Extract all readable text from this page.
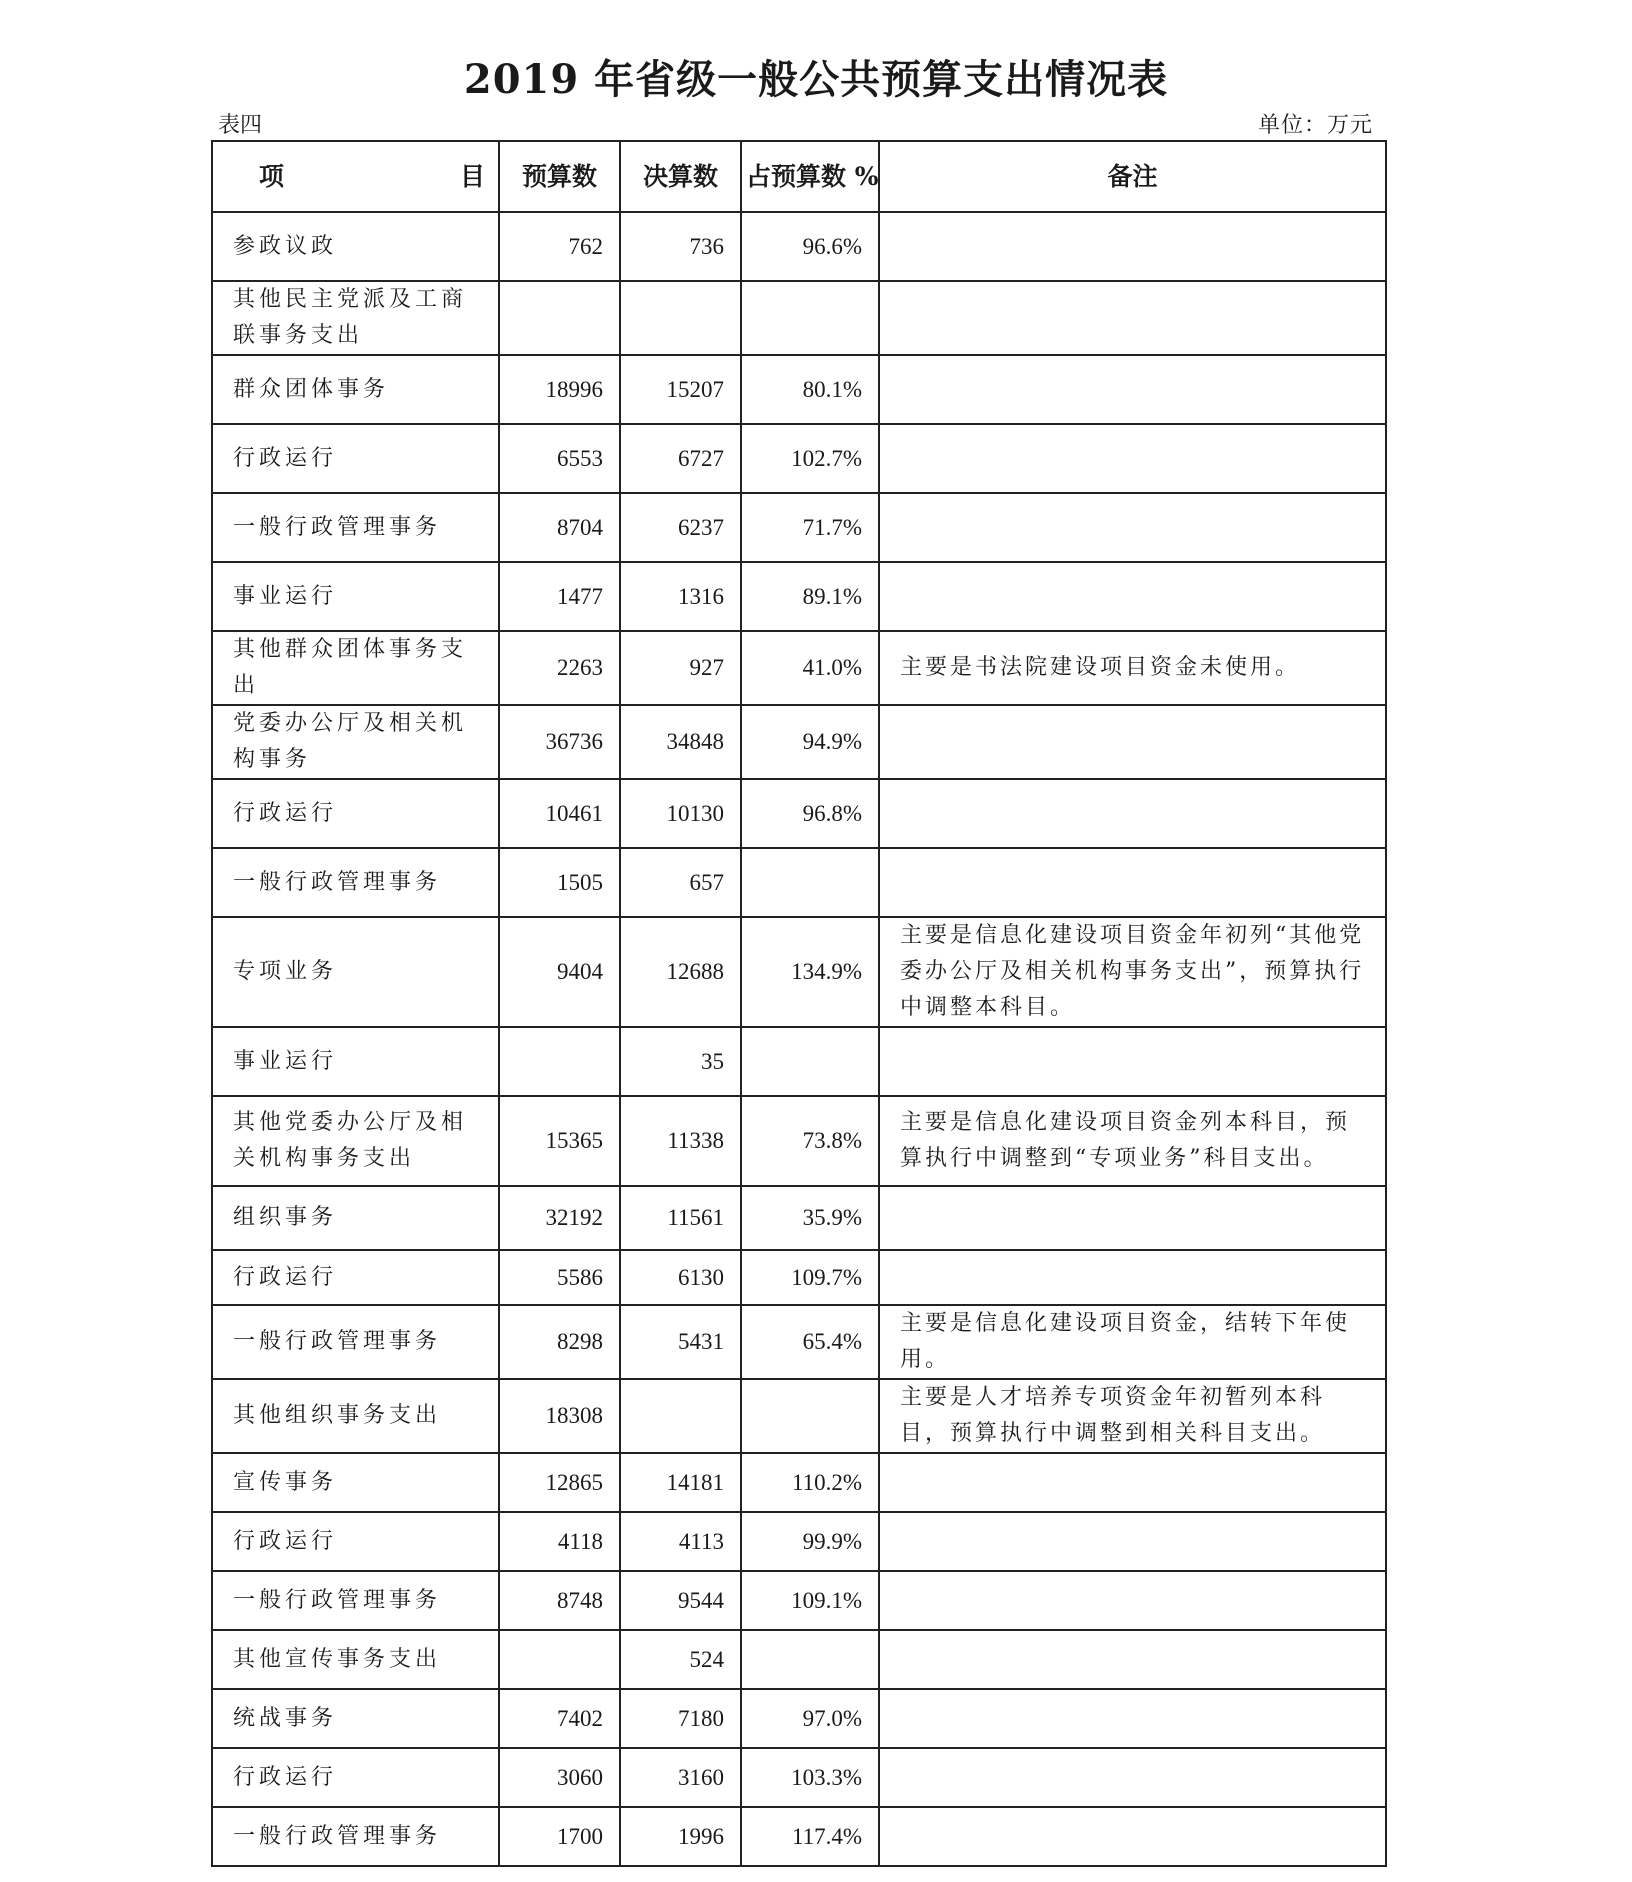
2019 年省级一般公共预算支出情况表
表四	单位：万元
项　　目	预算数	决算数	占预算数 %	备注
参政议政	762	736	96.6%	
其他民主党派及工商联事务支出				
群众团体事务	18996	15207	80.1%	
行政运行	6553	6727	102.7%	
一般行政管理事务	8704	6237	71.7%	
事业运行	1477	1316	89.1%	
其他群众团体事务支出	2263	927	41.0%	主要是书法院建设项目资金未使用。
党委办公厅及相关机构事务	36736	34848	94.9%	
行政运行	10461	10130	96.8%	
一般行政管理事务	1505	657		
专项业务	9404	12688	134.9%	主要是信息化建设项目资金年初列“其他党委办公厅及相关机构事务支出”，预算执行中调整本科目。
事业运行		35		
其他党委办公厅及相关机构事务支出	15365	11338	73.8%	主要是信息化建设项目资金列本科目，预算执行中调整到“专项业务”科目支出。
组织事务	32192	11561	35.9%	
行政运行	5586	6130	109.7%	
一般行政管理事务	8298	5431	65.4%	主要是信息化建设项目资金，结转下年使用。
其他组织事务支出	18308			主要是人才培养专项资金年初暂列本科目，预算执行中调整到相关科目支出。
宣传事务	12865	14181	110.2%	
行政运行	4118	4113	99.9%	
一般行政管理事务	8748	9544	109.1%	
其他宣传事务支出		524		
统战事务	7402	7180	97.0%	
行政运行	3060	3160	103.3%	
一般行政管理事务	1700	1996	117.4%	
